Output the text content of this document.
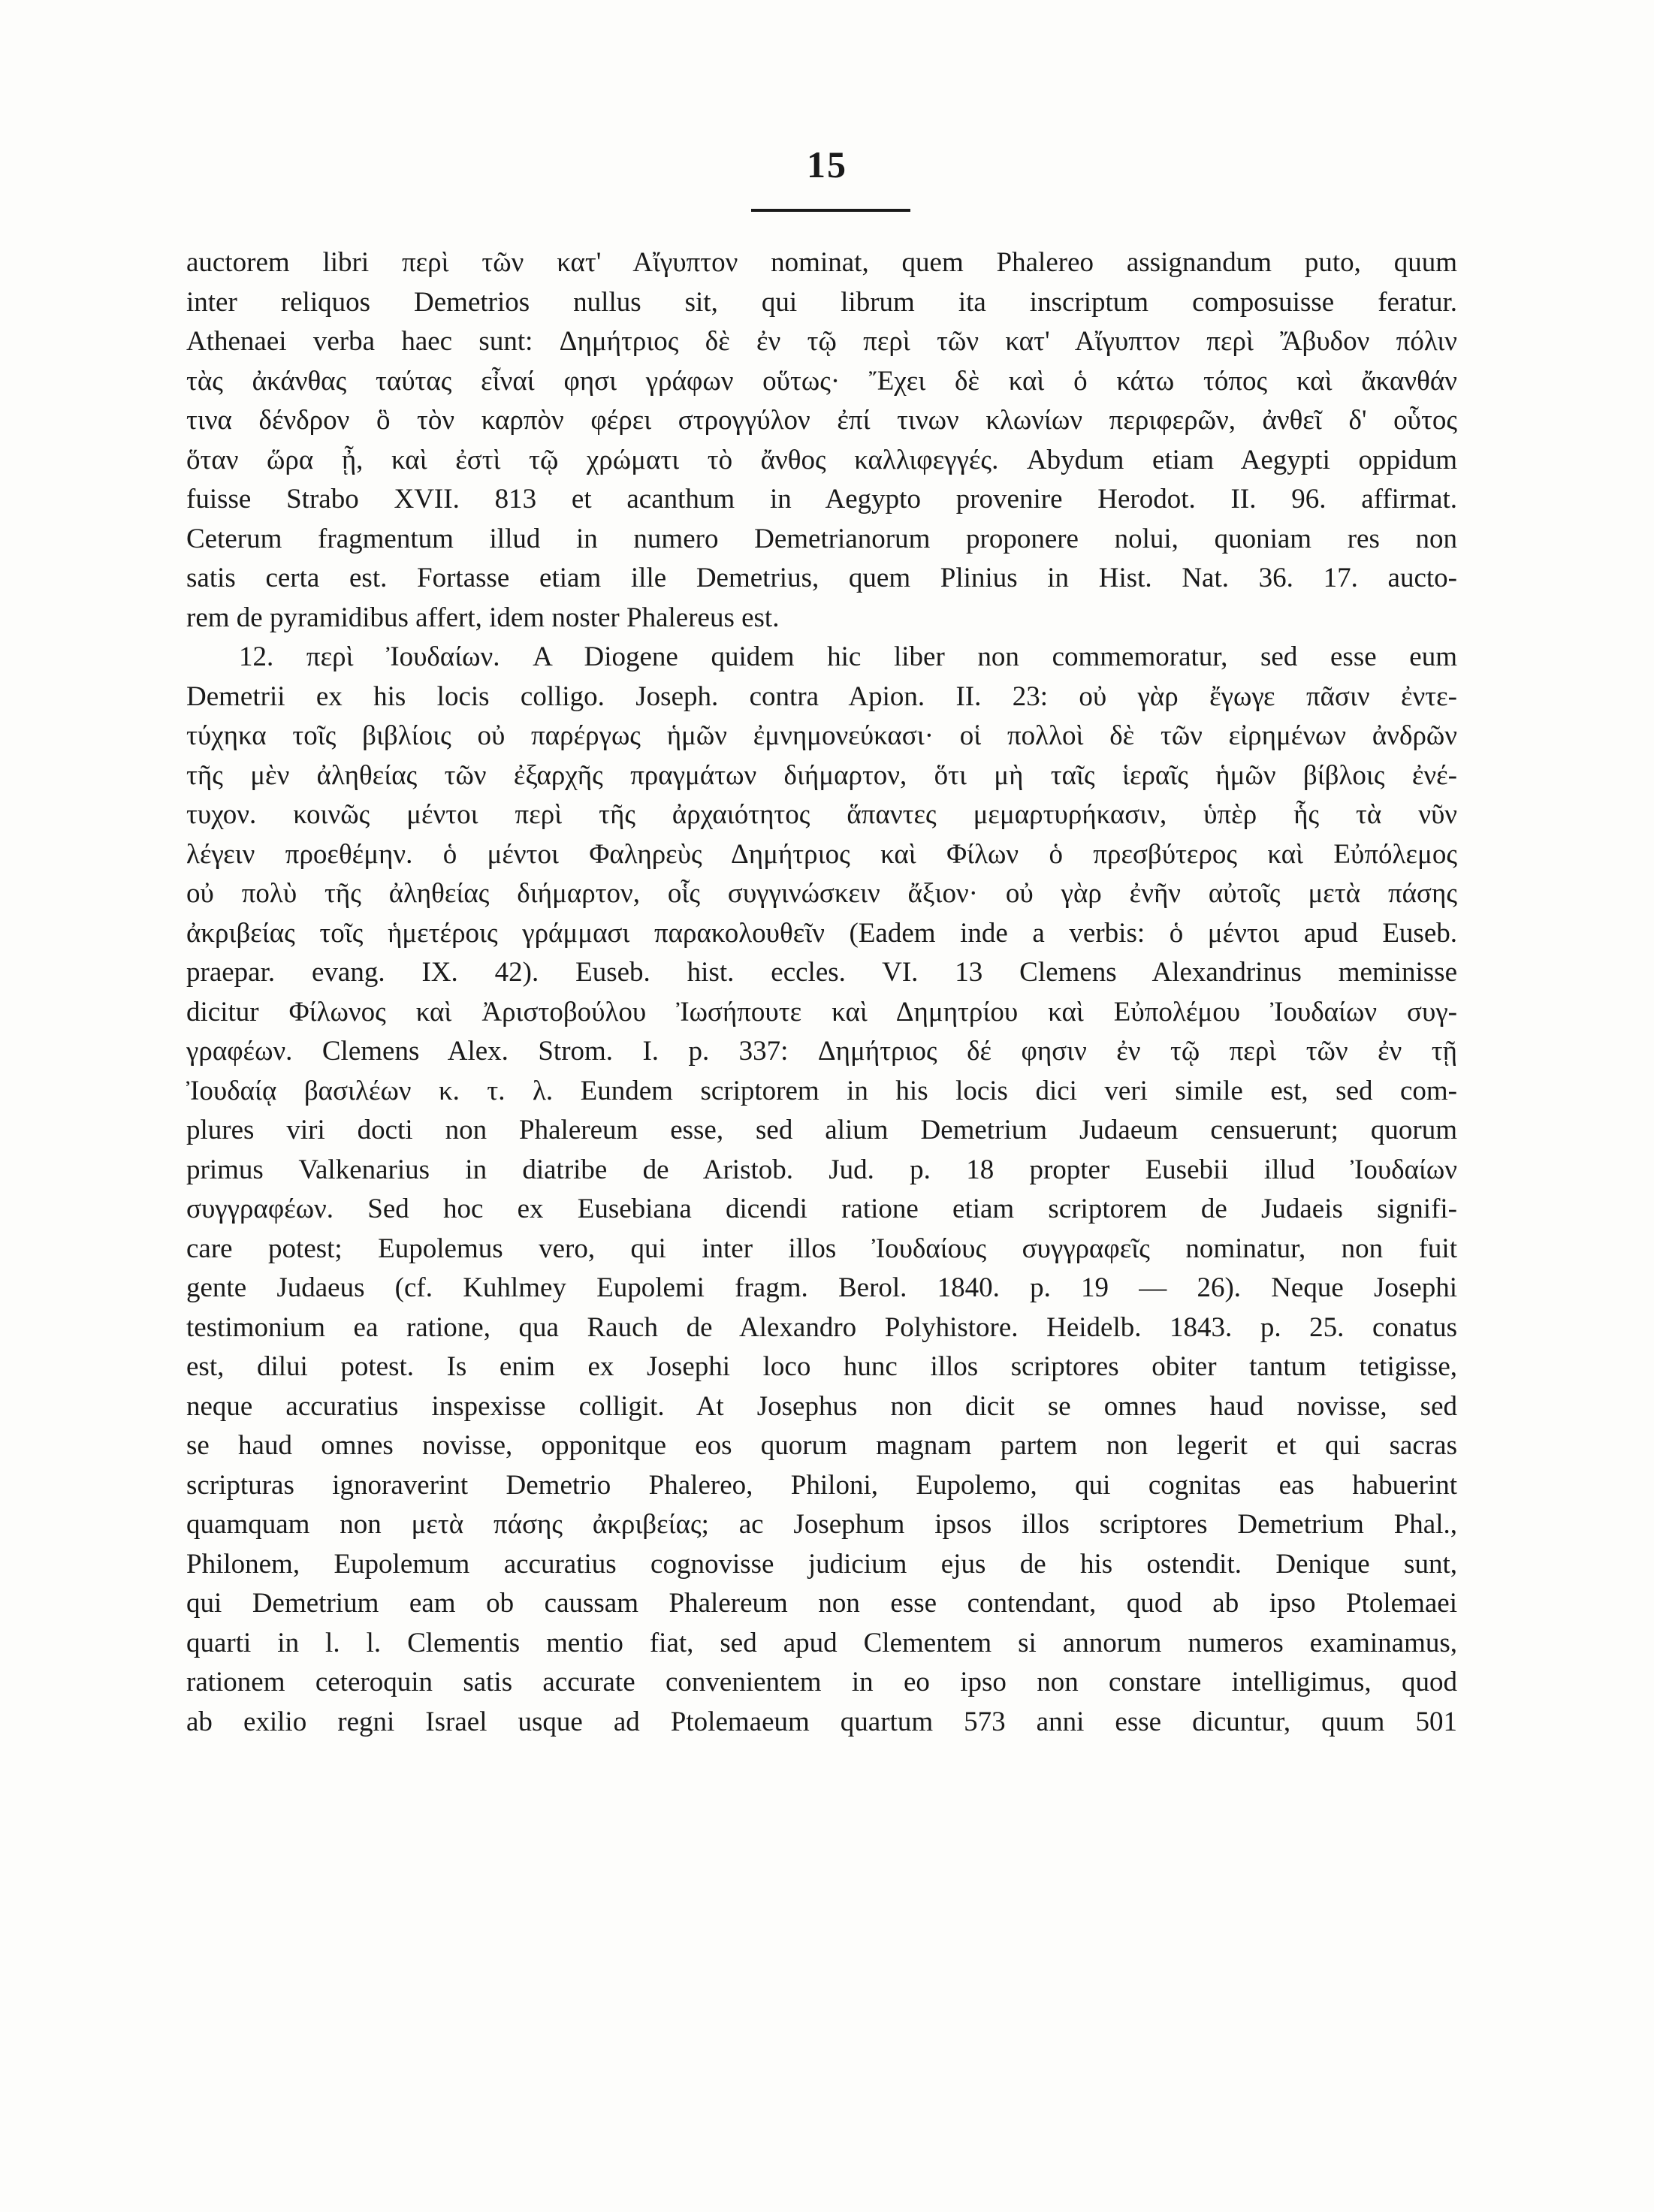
15
auctorem libri περὶ τῶν κατ' Αἴγυπτον nominat, quem Phalereo assignandum puto, quum
inter reliquos Demetrios nullus sit, qui librum ita inscriptum composuisse feratur.
Athenaei verba haec sunt: Δημήτριος δὲ ἐν τῷ περὶ τῶν κατ' Αἴγυπτον περὶ Ἄβυδον πόλιν
τὰς ἀκάνθας ταύτας εἶναί φησι γράφων οὕτως· Ἔχει δὲ καὶ ὁ κάτω τόπος καὶ ἄκανθάν
τινα δένδρον ὃ τὸν καρπὸν φέρει στρογγύλον ἐπί τινων κλωνίων περιφερῶν, ἀνθεῖ δ' οὗτος
ὅταν ὥρα ᾖ, καὶ ἐστὶ τῷ χρώματι τὸ ἄνθος καλλιφεγγές. Abydum etiam Aegypti oppidum
fuisse Strabo XVII. 813 et acanthum in Aegypto provenire Herodot. II. 96. affirmat.
Ceterum fragmentum illud in numero Demetrianorum proponere nolui, quoniam res non
satis certa est. Fortasse etiam ille Demetrius, quem Plinius in Hist. Nat. 36. 17. aucto-
rem de pyramidibus affert, idem noster Phalereus est.
12. περὶ Ἰουδαίων. A Diogene quidem hic liber non commemoratur, sed esse eum
Demetrii ex his locis colligo. Joseph. contra Apion. II. 23: οὐ γὰρ ἔγωγε πᾶσιν ἐντε-
τύχηκα τοῖς βιβλίοις οὐ παρέργως ἡμῶν ἐμνημονεύκασι· οἱ πολλοὶ δὲ τῶν εἰρημένων ἀνδρῶν
τῆς μὲν ἀληθείας τῶν ἐξαρχῆς πραγμάτων διήμαρτον, ὅτι μὴ ταῖς ἱεραῖς ἡμῶν βίβλοις ἐνέ-
τυχον. κοινῶς μέντοι περὶ τῆς ἀρχαιότητος ἅπαντες μεμαρτυρήκασιν, ὑπὲρ ἧς τὰ νῦν
λέγειν προεθέμην. ὁ μέντοι Φαληρεὺς Δημήτριος καὶ Φίλων ὁ πρεσβύτερος καὶ Εὐπόλεμος
οὐ πολὺ τῆς ἀληθείας διήμαρτον, οἷς συγγινώσκειν ἄξιον· οὐ γὰρ ἐνῆν αὐτοῖς μετὰ πάσης
ἀκριβείας τοῖς ἡμετέροις γράμμασι παρακολουθεῖν (Eadem inde a verbis: ὁ μέντοι apud Euseb.
praepar. evang. IX. 42). Euseb. hist. eccles. VI. 13 Clemens Alexandrinus meminisse
dicitur Φίλωνος καὶ Ἀριστοβούλου Ἰωσήπουτε καὶ Δημητρίου καὶ Εὐπολέμου Ἰουδαίων συγ-
γραφέων. Clemens Alex. Strom. I. p. 337: Δημήτριος δέ φησιν ἐν τῷ περὶ τῶν ἐν τῇ
Ἰουδαίᾳ βασιλέων κ. τ. λ. Eundem scriptorem in his locis dici veri simile est, sed com-
plures viri docti non Phalereum esse, sed alium Demetrium Judaeum censuerunt; quorum
primus Valkenarius in diatribe de Aristob. Jud. p. 18 propter Eusebii illud Ἰουδαίων
συγγραφέων. Sed hoc ex Eusebiana dicendi ratione etiam scriptorem de Judaeis signifi-
care potest; Eupolemus vero, qui inter illos Ἰουδαίους συγγραφεῖς nominatur, non fuit
gente Judaeus (cf. Kuhlmey Eupolemi fragm. Berol. 1840. p. 19 — 26). Neque Josephi
testimonium ea ratione, qua Rauch de Alexandro Polyhistore. Heidelb. 1843. p. 25. conatus
est, dilui potest. Is enim ex Josephi loco hunc illos scriptores obiter tantum tetigisse,
neque accuratius inspexisse colligit. At Josephus non dicit se omnes haud novisse, sed
se haud omnes novisse, opponitque eos quorum magnam partem non legerit et qui sacras
scripturas ignoraverint Demetrio Phalereo, Philoni, Eupolemo, qui cognitas eas habuerint
quamquam non μετὰ πάσης ἀκριβείας; ac Josephum ipsos illos scriptores Demetrium Phal.,
Philonem, Eupolemum accuratius cognovisse judicium ejus de his ostendit. Denique sunt,
qui Demetrium eam ob caussam Phalereum non esse contendant, quod ab ipso Ptolemaei
quarti in l. l. Clementis mentio fiat, sed apud Clementem si annorum numeros examinamus,
rationem ceteroquin satis accurate convenientem in eo ipso non constare intelligimus, quod
ab exilio regni Israel usque ad Ptolemaeum quartum 573 anni esse dicuntur, quum 501
